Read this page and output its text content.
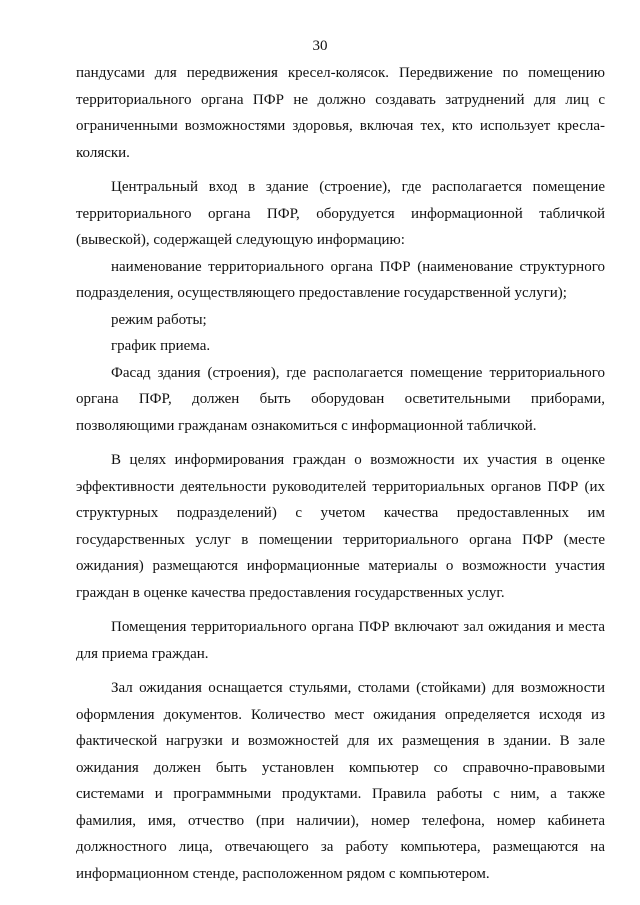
30

пандусами для передвижения кресел-колясок. Передвижение по помещению территориального органа ПФР не должно создавать затруднений для лиц с ограниченными возможностями здоровья, включая тех, кто использует кресла-коляски.

Центральный вход в здание (строение), где располагается помещение территориального органа ПФР, оборудуется информационной табличкой (вывеской), содержащей следующую информацию:

наименование территориального органа ПФР (наименование структурного подразделения, осуществляющего предоставление государственной услуги);

режим работы;

график приема.

Фасад здания (строения), где располагается помещение территориального органа ПФР, должен быть оборудован осветительными приборами, позволяющими гражданам ознакомиться с информационной табличкой.

В целях информирования граждан о возможности их участия в оценке эффективности деятельности руководителей территориальных органов ПФР (их структурных подразделений) с учетом качества предоставленных им государственных услуг в помещении территориального органа ПФР (месте ожидания) размещаются информационные материалы о возможности участия граждан в оценке качества предоставления государственных услуг.

Помещения территориального органа ПФР включают зал ожидания и места для приема граждан.

Зал ожидания оснащается стульями, столами (стойками) для возможности оформления документов. Количество мест ожидания определяется исходя из фактической нагрузки и возможностей для их размещения в здании. В зале ожидания должен быть установлен компьютер со справочно-правовыми системами и программными продуктами. Правила работы с ним, а также фамилия, имя, отчество (при наличии), номер телефона, номер кабинета должностного лица, отвечающего за работу компьютера, размещаются на информационном стенде, расположенном рядом с компьютером.
